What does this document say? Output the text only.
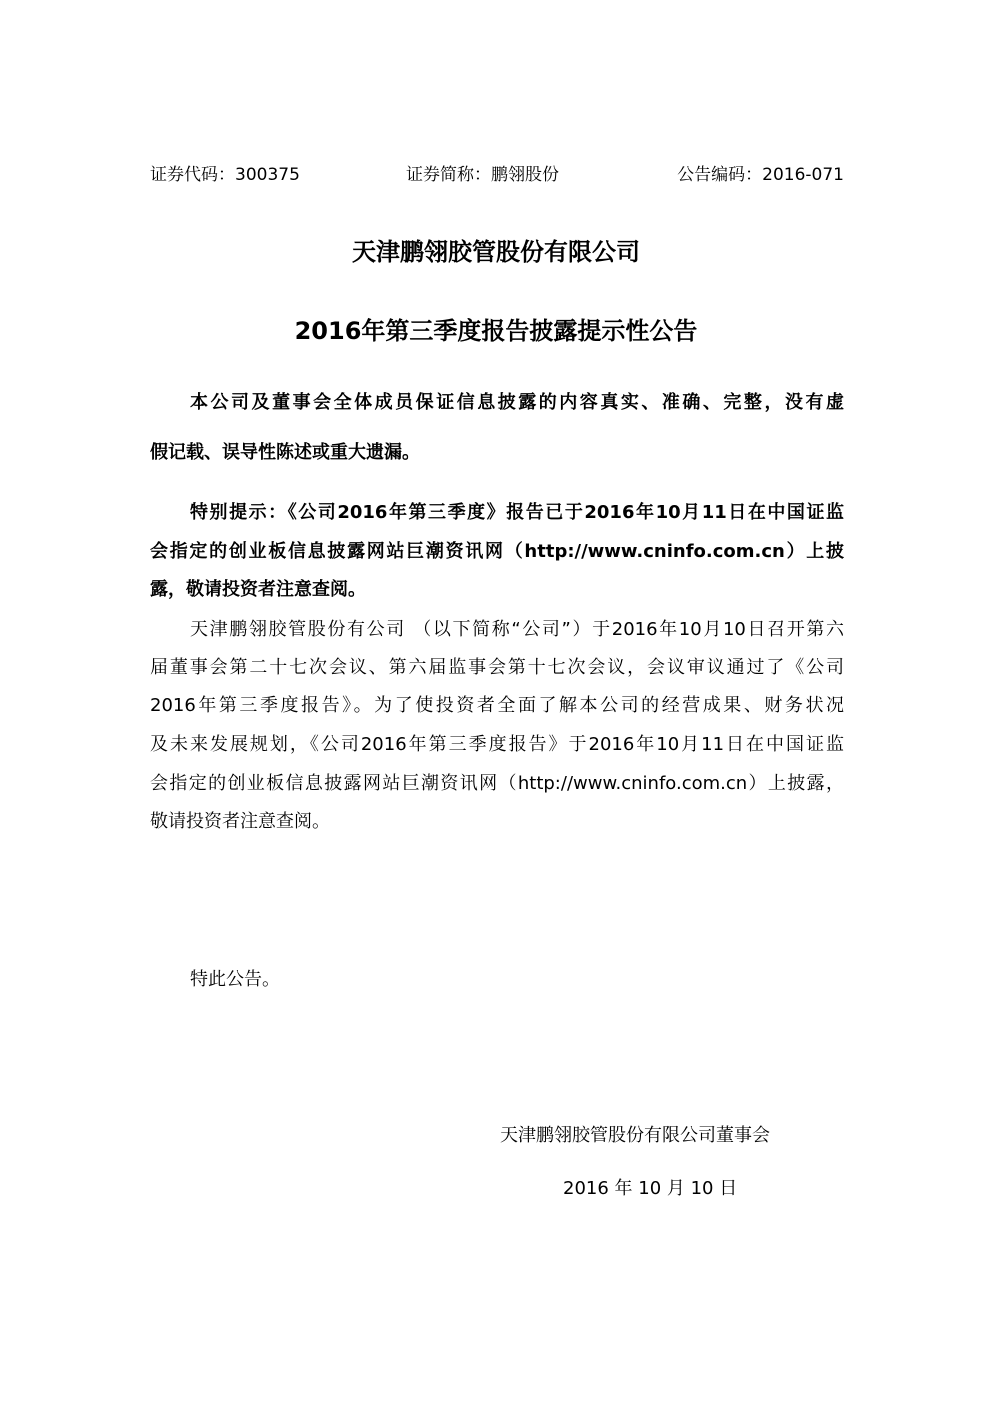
证券代码：300375	证券简称：鹏翎股份	公告编码：2016-071
天津鹏翎胶管股份有限公司
2016年第三季度报告披露提示性公告
本公司及董事会全体成员保证信息披露的内容真实、准确、完整，没有虚
假记载、误导性陈述或重大遗漏。
特别提示：《公司2016年第三季度》报告已于2016年10月11日在中国证监
会指定的创业板信息披露网站巨潮资讯网（http://www.cninfo.com.cn）上披
露，敬请投资者注意查阅。
天津鹏翎胶管股份有公司 （以下简称“公司”）于2016年10月10日召开第六
届董事会第二十七次会议、第六届监事会第十七次会议，会议审议通过了《公司
2016年第三季度报告》。为了使投资者全面了解本公司的经营成果、财务状况
及未来发展规划，《公司2016年第三季度报告》于2016年10月11日在中国证监
会指定的创业板信息披露网站巨潮资讯网（http://www.cninfo.com.cn）上披露，
敬请投资者注意查阅。
特此公告。
天津鹏翎胶管股份有限公司董事会
2016 年 10 月 10 日
